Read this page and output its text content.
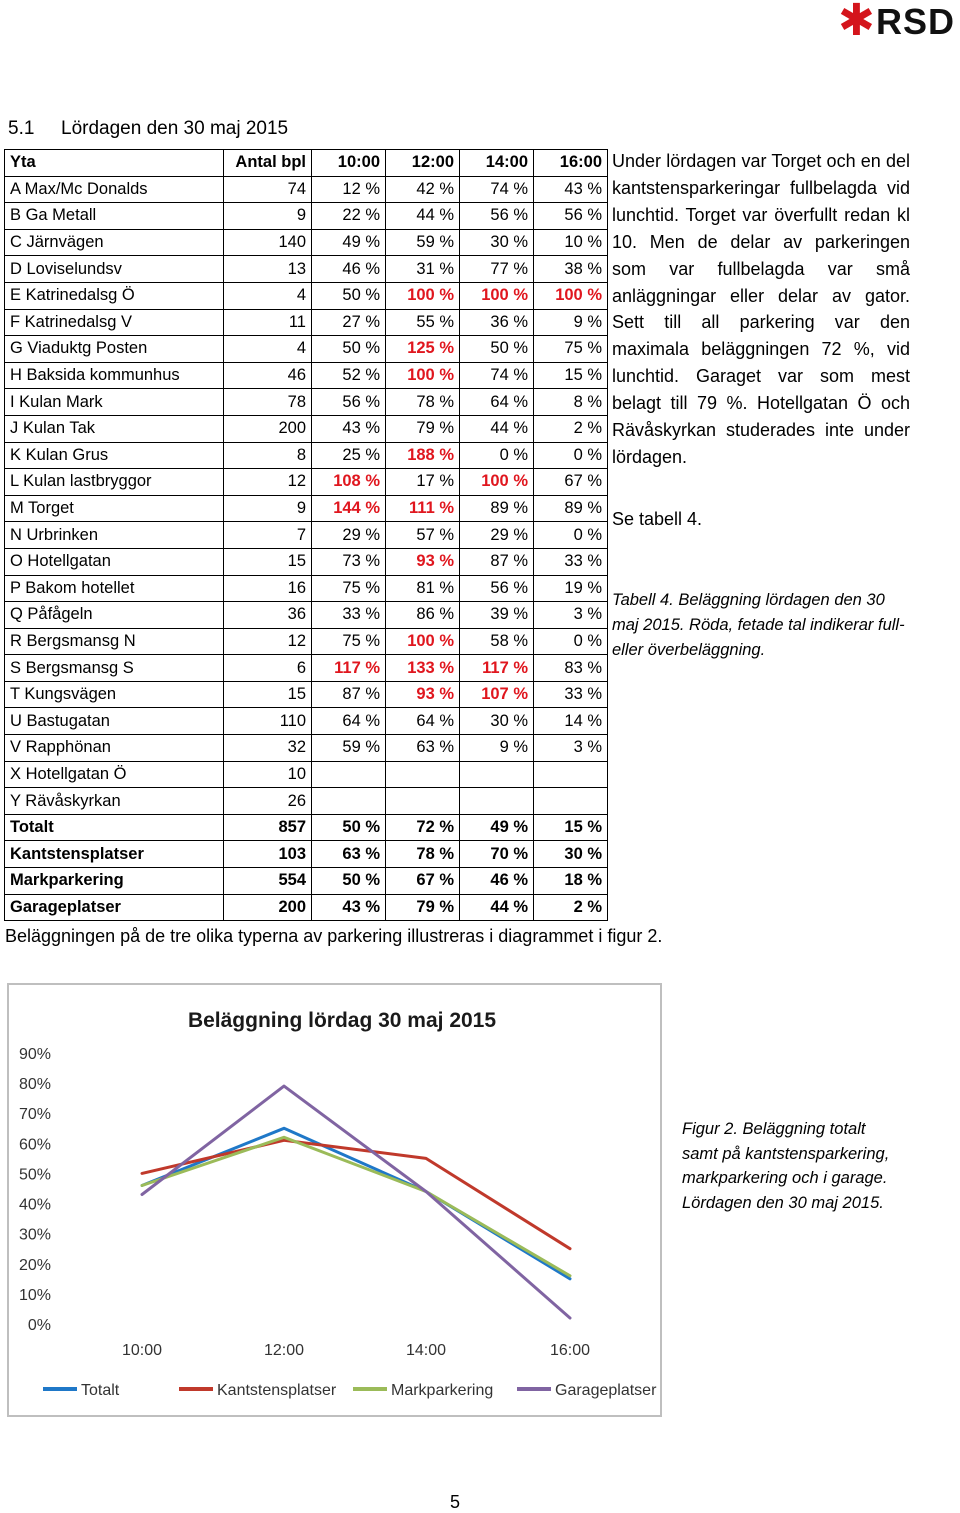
✱ RSD
5.1 Lördagen den 30 maj 2015
Yta	Antal bpl	10:00	12:00	14:00	16:00
A Max/Mc Donalds	74	12 %	42 %	74 %	43 %
B Ga Metall	9	22 %	44 %	56 %	56 %
C Järnvägen	140	49 %	59 %	30 %	10 %
D Loviselundsv	13	46 %	31 %	77 %	38 %
E Katrinedalsg Ö	4	50 %	100 %	100 %	100 %
F Katrinedalsg V	11	27 %	55 %	36 %	9 %
G Viaduktg Posten	4	50 %	125 %	50 %	75 %
H Baksida kommunhus	46	52 %	100 %	74 %	15 %
I Kulan Mark	78	56 %	78 %	64 %	8 %
J Kulan Tak	200	43 %	79 %	44 %	2 %
K Kulan Grus	8	25 %	188 %	0 %	0 %
L Kulan lastbryggor	12	108 %	17 %	100 %	67 %
M Torget	9	144 %	111 %	89 %	89 %
N Urbrinken	7	29 %	57 %	29 %	0 %
O Hotellgatan	15	73 %	93 %	87 %	33 %
P Bakom hotellet	16	75 %	81 %	56 %	19 %
Q Påfågeln	36	33 %	86 %	39 %	3 %
R Bergsmansg N	12	75 %	100 %	58 %	0 %
S Bergsmansg S	6	117 %	133 %	117 %	83 %
T Kungsvägen	15	87 %	93 %	107 %	33 %
U Bastugatan	110	64 %	64 %	30 %	14 %
V Rapphönan	32	59 %	63 %	9 %	3 %
X Hotellgatan Ö	10				
Y Rävåskyrkan	26				
Totalt	857	50 %	72 %	49 %	15 %
Kantstensplatser	103	63 %	78 %	70 %	30 %
Markparkering	554	50 %	67 %	46 %	18 %
Garageplatser	200	43 %	79 %	44 %	2 %
Under lördagen var Torget och en del kantstensparkeringar fullbelagda vid lunchtid. Torget var överfullt redan kl 10. Men de delar av parkeringen som var fullbelagda var små anläggningar eller delar av gator. Sett till all parkering var den maximala beläggningen 72 %, vid lunchtid. Garaget var som mest belagt till 79 %. Hotellgatan Ö och Rävåskyrkan studerades inte under lördagen.
Se tabell 4.
Tabell 4. Beläggning lördagen den 30 maj 2015. Röda, fetade tal indikerar full- eller överbeläggning.
Beläggningen på de tre olika typerna av parkering illustreras i diagrammet i figur 2.
Beläggning lördag 30 maj 2015
0%
10%
20%
30%
40%
50%
60%
70%
80%
90%
10:00	12:00	14:00	16:00
Totalt	Kantstensplatser	Markparkering	Garageplatser
Figur 2. Beläggning totalt samt på kantstensparkering, markparkering och i garage. Lördagen den 30 maj 2015.
5
